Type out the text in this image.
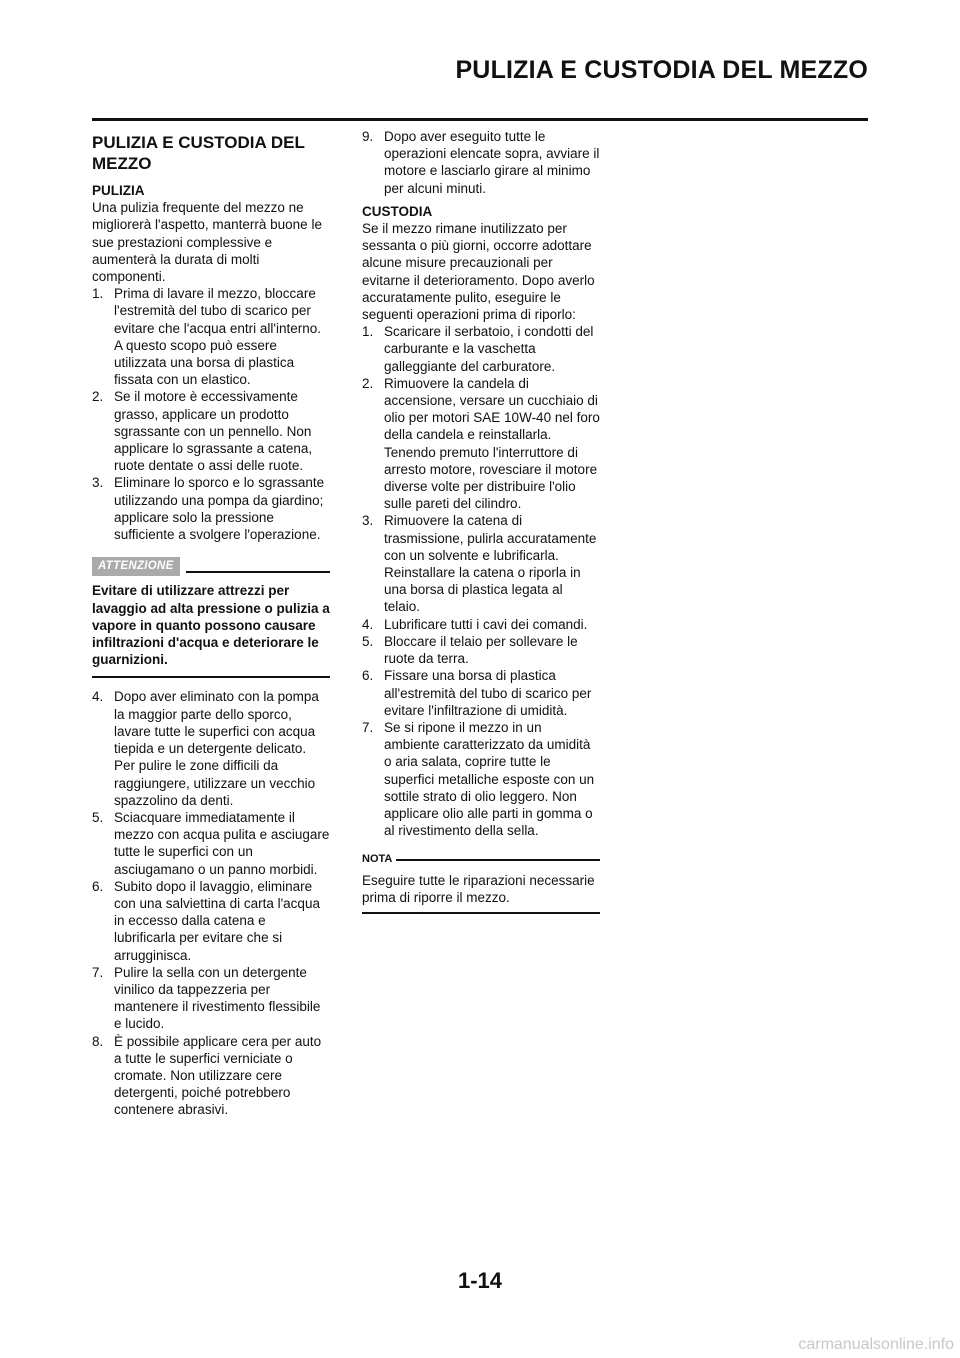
PULIZIA E CUSTODIA DEL MEZZO
PULIZIA E CUSTODIA DEL MEZZO
PULIZIA

Una pulizia frequente del mezzo ne migliorerà l'aspetto, manterrà buone le sue prestazioni complessive e aumenterà la durata di molti componenti.

1. Prima di lavare il mezzo, bloccare l'estremità del tubo di scarico per evitare che l'acqua entri all'interno. A questo scopo può essere utilizzata una borsa di plastica fissata con un elastico.
2. Se il motore è eccessivamente grasso, applicare un prodotto sgrassante con un pennello. Non applicare lo sgrassante a catena, ruote dentate o assi delle ruote.
3. Eliminare lo sporco e lo sgrassante utilizzando una pompa da giardino; applicare solo la pressione sufficiente a svolgere l'operazione.
ATTENZIONE
Evitare di utilizzare attrezzi per lavaggio ad alta pressione o pulizia a vapore in quanto possono causare infiltrazioni d'acqua e deteriorare le guarnizioni.
4. Dopo aver eliminato con la pompa la maggior parte dello sporco, lavare tutte le superfici con acqua tiepida e un detergente delicato. Per pulire le zone difficili da raggiungere, utilizzare un vecchio spazzolino da denti.
5. Sciacquare immediatamente il mezzo con acqua pulita e asciugare tutte le superfici con un asciugamano o un panno morbidi.
6. Subito dopo il lavaggio, eliminare con una salviettina di carta l'acqua in eccesso dalla catena e lubrificarla per evitare che si arrugginisca.
7. Pulire la sella con un detergente vinilico da tappezzeria per mantenere il rivestimento flessibile e lucido.
8. È possibile applicare cera per auto a tutte le superfici verniciate o cromate. Non utilizzare cere detergenti, poiché potrebbero contenere abrasivi.
9. Dopo aver eseguito tutte le operazioni elencate sopra, avviare il motore e lasciarlo girare al minimo per alcuni minuti.
CUSTODIA

Se il mezzo rimane inutilizzato per sessanta o più giorni, occorre adottare alcune misure precauzionali per evitarne il deterioramento. Dopo averlo accuratamente pulito, eseguire le seguenti operazioni prima di riporlo:

1. Scaricare il serbatoio, i condotti del carburante e la vaschetta galleggiante del carburatore.
2. Rimuovere la candela di accensione, versare un cucchiaio di olio per motori SAE 10W-40 nel foro della candela e reinstallarla. Tenendo premuto l'interruttore di arresto motore, rovesciare il motore diverse volte per distribuire l'olio sulle pareti del cilindro.
3. Rimuovere la catena di trasmissione, pulirla accuratamente con un solvente e lubrificarla. Reinstallare la catena o riporla in una borsa di plastica legata al telaio.
4. Lubrificare tutti i cavi dei comandi.
5. Bloccare il telaio per sollevare le ruote da terra.
6. Fissare una borsa di plastica all'estremità del tubo di scarico per evitare l'infiltrazione di umidità.
7. Se si ripone il mezzo in un ambiente caratterizzato da umidità o aria salata, coprire tutte le superfici metalliche esposte con un sottile strato di olio leggero. Non applicare olio alle parti in gomma o al rivestimento della sella.
NOTA
Eseguire tutte le riparazioni necessarie prima di riporre il mezzo.
1-14
carmanualsonline.info
